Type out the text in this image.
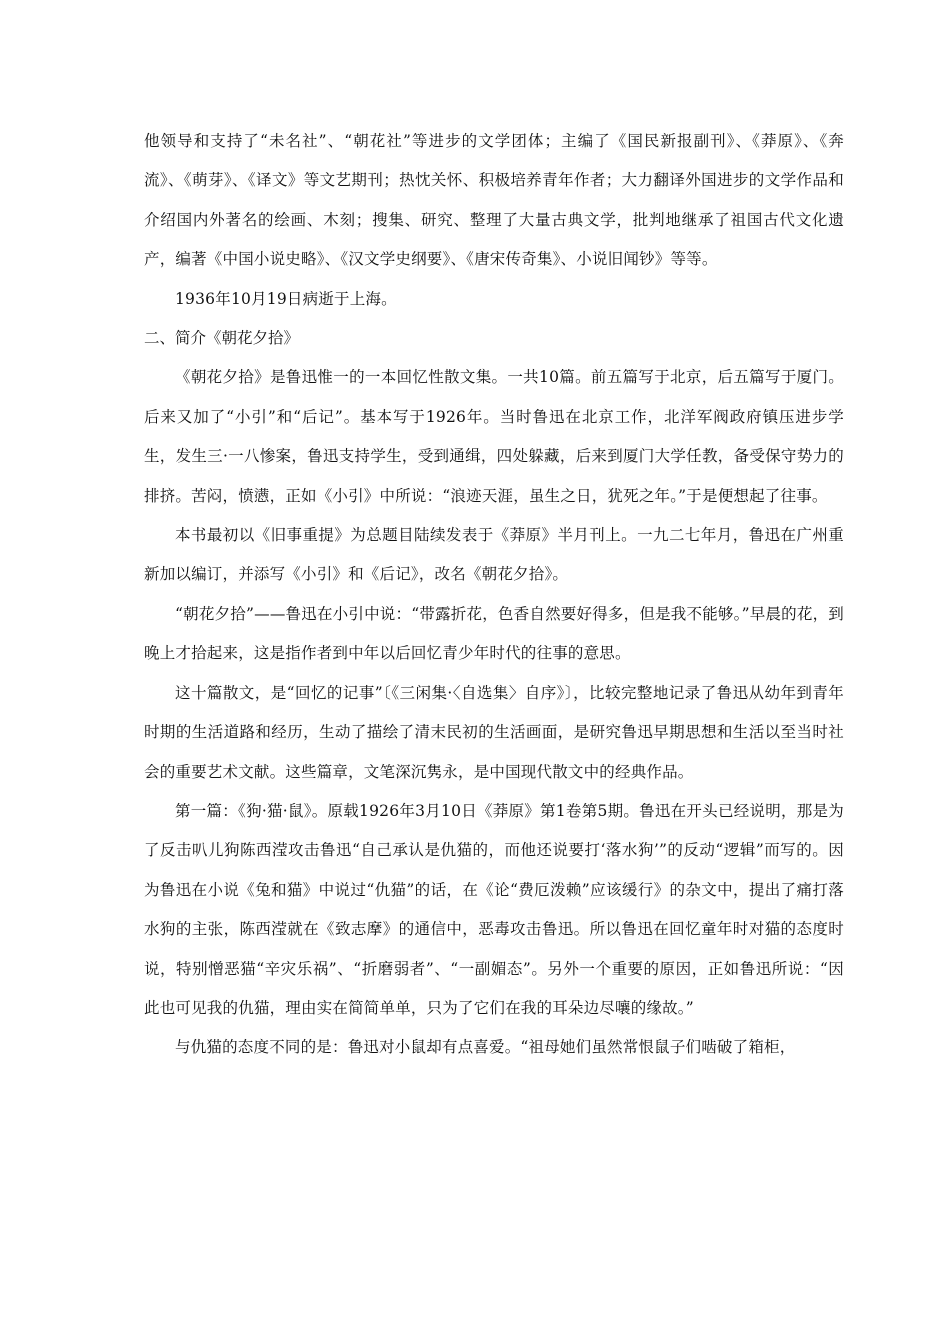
他领导和支持了“未名社”、“朝花社”等进步的文学团体；主编了《国民新报副刊》、《莽原》、《奔流》、《萌芽》、《译文》等文艺期刊；热忱关怀、积极培养青年作者；大力翻译外国进步的文学作品和介绍国内外著名的绘画、木刻；搜集、研究、整理了大量古典文学，批判地继承了祖国古代文化遗产，编著《中国小说史略》、《汉文学史纲要》、《唐宋传奇集》、小说旧闻钞》等等。

1936年10月19日病逝于上海。

二、简介《朝花夕拾》

《朝花夕拾》是鲁迅惟一的一本回忆性散文集。一共10篇。前五篇写于北京，后五篇写于厦门。后来又加了“小引”和“后记”。基本写于1926年。当时鲁迅在北京工作，北洋军阀政府镇压进步学生，发生三·一八惨案，鲁迅支持学生，受到通缉，四处躲藏，后来到厦门大学任教，备受保守势力的排挤。苦闷，愤懑，正如《小引》中所说：“浪迹天涯，虽生之日，犹死之年。”于是便想起了往事。

本书最初以《旧事重提》为总题目陆续发表于《莽原》半月刊上。一九二七年月，鲁迅在广州重新加以编订，并添写《小引》和《后记》，改名《朝花夕拾》。

“朝花夕拾”——鲁迅在小引中说：“带露折花，色香自然要好得多，但是我不能够。”早晨的花，到晚上才拾起来，这是指作者到中年以后回忆青少年时代的往事的意思。

这十篇散文，是“回忆的记事”〔《三闲集·〈自选集〉自序》〕，比较完整地记录了鲁迅从幼年到青年时期的生活道路和经历，生动了描绘了清末民初的生活画面，是研究鲁迅早期思想和生活以至当时社会的重要艺术文献。这些篇章，文笔深沉隽永，是中国现代散文中的经典作品。

第一篇：《狗·猫·鼠》。原载1926年3月10日《莽原》第1卷第5期。鲁迅在开头已经说明，那是为了反击叭儿狗陈西滢攻击鲁迅“自己承认是仇猫的，而他还说要打‘落水狗’”的反动“逻辑”而写的。因为鲁迅在小说《兔和猫》中说过“仇猫”的话，在《论“费厄泼赖”应该缓行》的杂文中，提出了痛打落水狗的主张，陈西滢就在《致志摩》的通信中，恶毒攻击鲁迅。所以鲁迅在回忆童年时对猫的态度时说，特别憎恶猫“辛灾乐祸”、“折磨弱者”、“一副媚态”。另外一个重要的原因，正如鲁迅所说：“因此也可见我的仇猫，理由实在简简单单，只为了它们在我的耳朵边尽嚷的缘故。”

与仇猫的态度不同的是：鲁迅对小鼠却有点喜爱。“祖母她们虽然常恨鼠子们啮破了箱柜，
